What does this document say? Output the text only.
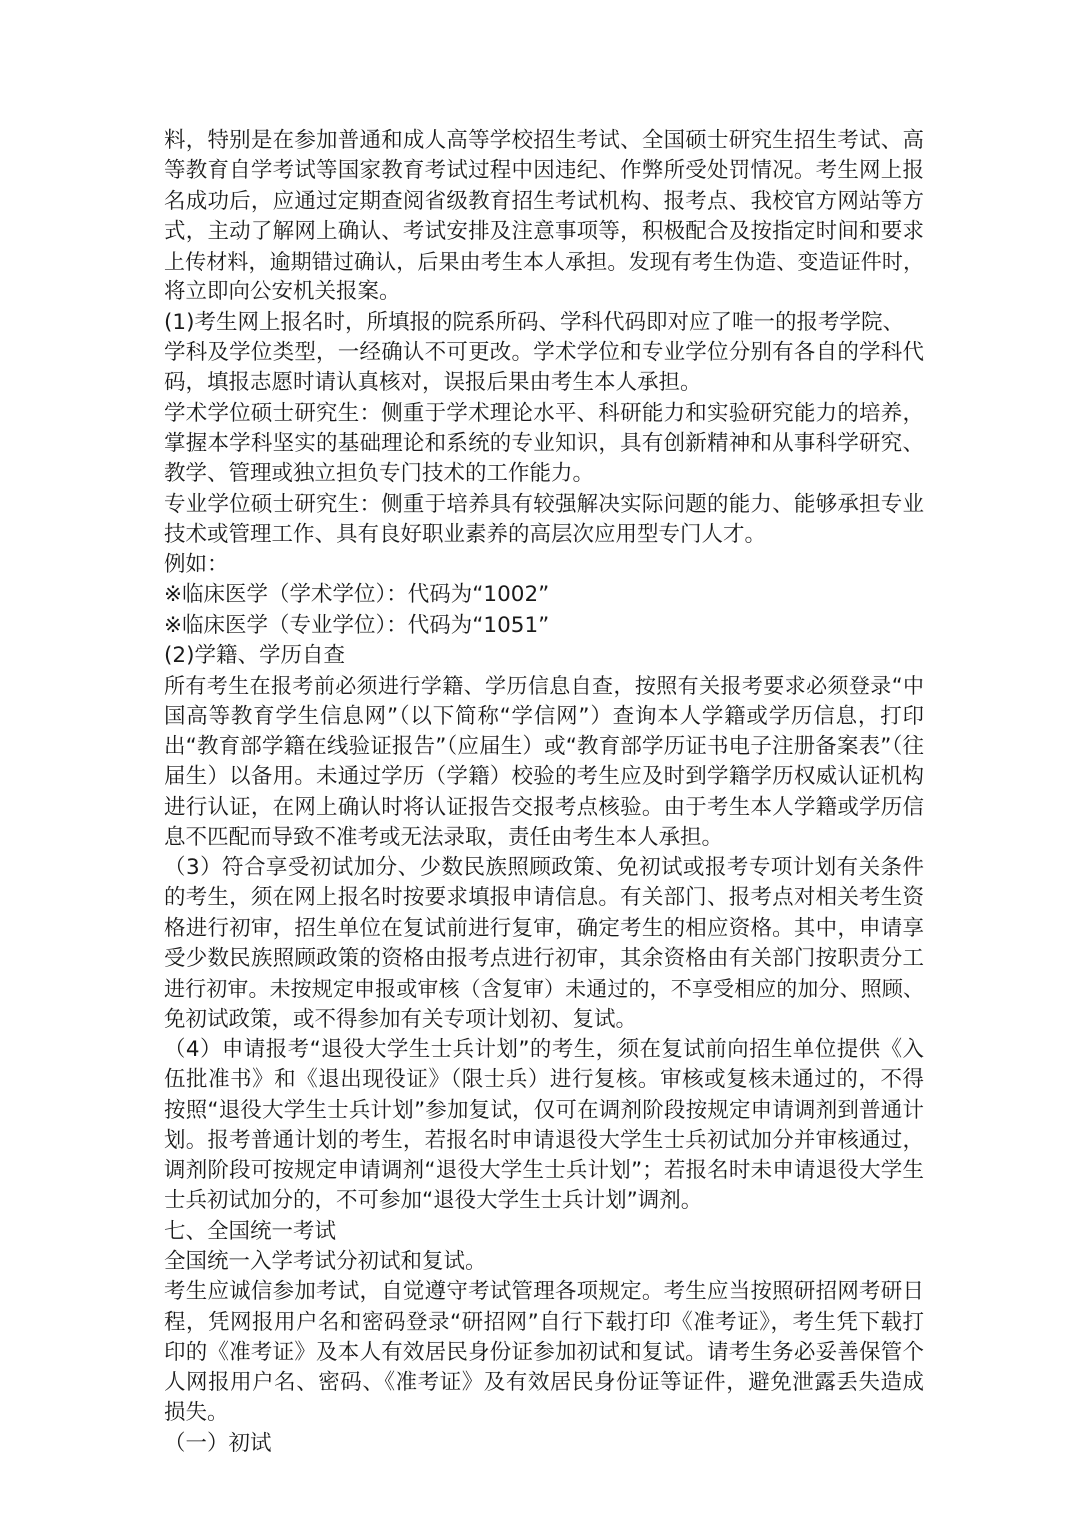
料，特别是在参加普通和成人高等学校招生考试、全国硕士研究生招生考试、高
等教育自学考试等国家教育考试过程中因违纪、作弊所受处罚情况。考生网上报
名成功后，应通过定期查阅省级教育招生考试机构、报考点、我校官方网站等方
式，主动了解网上确认、考试安排及注意事项等，积极配合及按指定时间和要求
上传材料，逾期错过确认，后果由考生本人承担。发现有考生伪造、变造证件时，
将立即向公安机关报案。
(1)考生网上报名时，所填报的院系所码、学科代码即对应了唯一的报考学院、
学科及学位类型，一经确认不可更改。学术学位和专业学位分别有各自的学科代
码，填报志愿时请认真核对，误报后果由考生本人承担。
学术学位硕士研究生：侧重于学术理论水平、科研能力和实验研究能力的培养，
掌握本学科坚实的基础理论和系统的专业知识，具有创新精神和从事科学研究、
教学、管理或独立担负专门技术的工作能力。
专业学位硕士研究生：侧重于培养具有较强解决实际问题的能力、能够承担专业
技术或管理工作、具有良好职业素养的高层次应用型专门人才。
例如：
※临床医学（学术学位）：代码为“1002”
※临床医学（专业学位）：代码为“1051”
(2)学籍、学历自查
所有考生在报考前必须进行学籍、学历信息自查，按照有关报考要求必须登录“中
国高等教育学生信息网”（以下简称“学信网”）查询本人学籍或学历信息，打印
出“教育部学籍在线验证报告”（应届生）或“教育部学历证书电子注册备案表”（往
届生）以备用。未通过学历（学籍）校验的考生应及时到学籍学历权威认证机构
进行认证，在网上确认时将认证报告交报考点核验。由于考生本人学籍或学历信
息不匹配而导致不准考或无法录取，责任由考生本人承担。
（3）符合享受初试加分、少数民族照顾政策、免初试或报考专项计划有关条件
的考生，须在网上报名时按要求填报申请信息。有关部门、报考点对相关考生资
格进行初审，招生单位在复试前进行复审，确定考生的相应资格。其中，申请享
受少数民族照顾政策的资格由报考点进行初审，其余资格由有关部门按职责分工
进行初审。未按规定申报或审核（含复审）未通过的，不享受相应的加分、照顾、
免初试政策，或不得参加有关专项计划初、复试。
（4）申请报考“退役大学生士兵计划”的考生，须在复试前向招生单位提供《入
伍批准书》和《退出现役证》（限士兵）进行复核。审核或复核未通过的，不得
按照“退役大学生士兵计划”参加复试，仅可在调剂阶段按规定申请调剂到普通计
划。报考普通计划的考生，若报名时申请退役大学生士兵初试加分并审核通过，
调剂阶段可按规定申请调剂“退役大学生士兵计划”；若报名时未申请退役大学生
士兵初试加分的，不可参加“退役大学生士兵计划”调剂。
七、全国统一考试
全国统一入学考试分初试和复试。
考生应诚信参加考试，自觉遵守考试管理各项规定。考生应当按照研招网考研日
程，凭网报用户名和密码登录“研招网”自行下载打印《准考证》，考生凭下载打
印的《准考证》及本人有效居民身份证参加初试和复试。请考生务必妥善保管个
人网报用户名、密码、《准考证》及有效居民身份证等证件，避免泄露丢失造成
损失。
（一）初试
